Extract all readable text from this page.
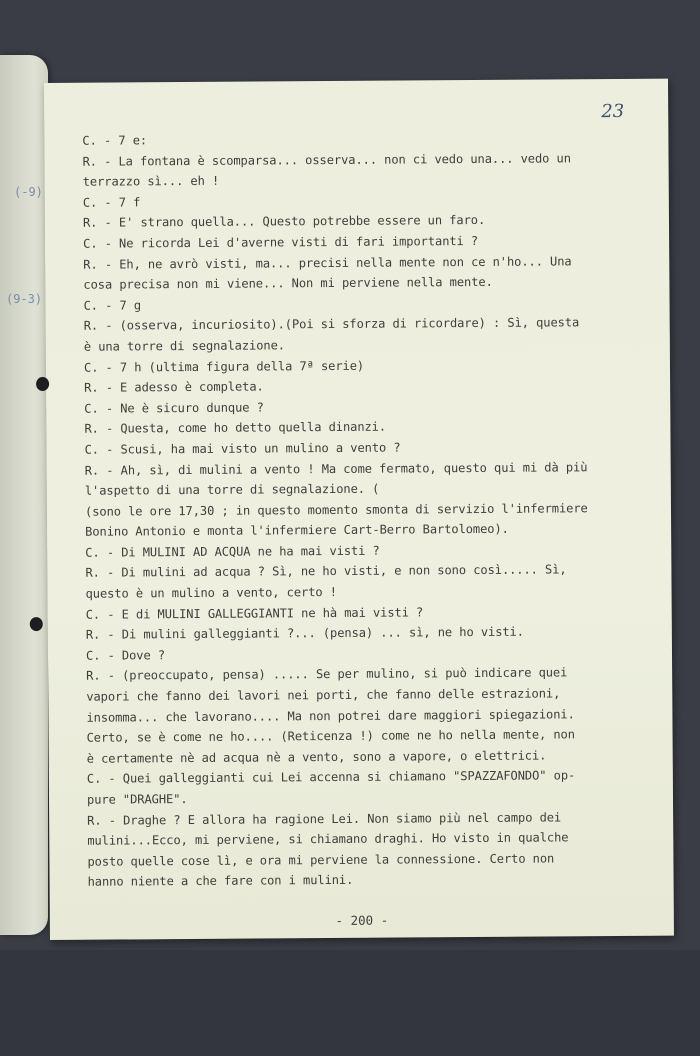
(-9)
(9-3)
23
C. - 7 e:
R. - La fontana è scomparsa... osserva... non ci vedo una... vedo un
terrazzo sì... eh !
C. - 7 f
R. - E' strano quella... Questo potrebbe essere un faro.
C. - Ne ricorda Lei d'averne visti di fari importanti ?
R. - Eh, ne avrò visti, ma... precisi nella mente non ce n'ho... Una
cosa precisa non mi viene... Non mi perviene nella mente.
C. - 7 g
R. - (osserva, incuriosito).(Poi si sforza di ricordare) : Sì, questa
è una torre di segnalazione.
C. - 7 h (ultima figura della 7ª serie)
R. - E adesso è completa.
C. - Ne è sicuro dunque ?
R. - Questa, come ho detto quella dinanzi.
C. - Scusi, ha mai visto un mulino a vento ?
R. - Ah, sì, di mulini a vento ! Ma come fermato, questo qui mi dà più
l'aspetto di una torre di segnalazione. (
(sono le ore 17,30 ; in questo momento smonta di servizio l'infermiere
Bonino Antonio e monta l'infermiere Cart-Berro Bartolomeo).
C. - Di MULINI AD ACQUA ne ha mai visti ?
R. - Di mulini ad acqua ? Sì, ne ho visti, e non sono così..... Sì,
questo è un mulino a vento, certo !
C. - E di MULINI GALLEGGIANTI ne hà mai visti ?
R. - Di mulini galleggianti ?... (pensa) ... sì, ne ho visti.
C. - Dove ?
R. - (preoccupato, pensa) ..... Se per mulino, si può indicare quei
vapori che fanno dei lavori nei porti, che fanno delle estrazioni,
insomma... che lavorano.... Ma non potrei dare maggiori spiegazioni.
Certo, se è come ne ho.... (Reticenza !) come ne ho nella mente, non
è certamente nè ad acqua nè a vento, sono a vapore, o elettrici.
C. - Quei galleggianti cui Lei accenna si chiamano "SPAZZAFONDO" op-
pure "DRAGHE".
R. - Draghe ? E allora ha ragione Lei. Non siamo più nel campo dei
mulini...Ecco, mi perviene, si chiamano draghi. Ho visto in qualche
posto quelle cose lì, e ora mi perviene la connessione. Certo non
hanno niente a che fare con i mulini.
- 200 -
